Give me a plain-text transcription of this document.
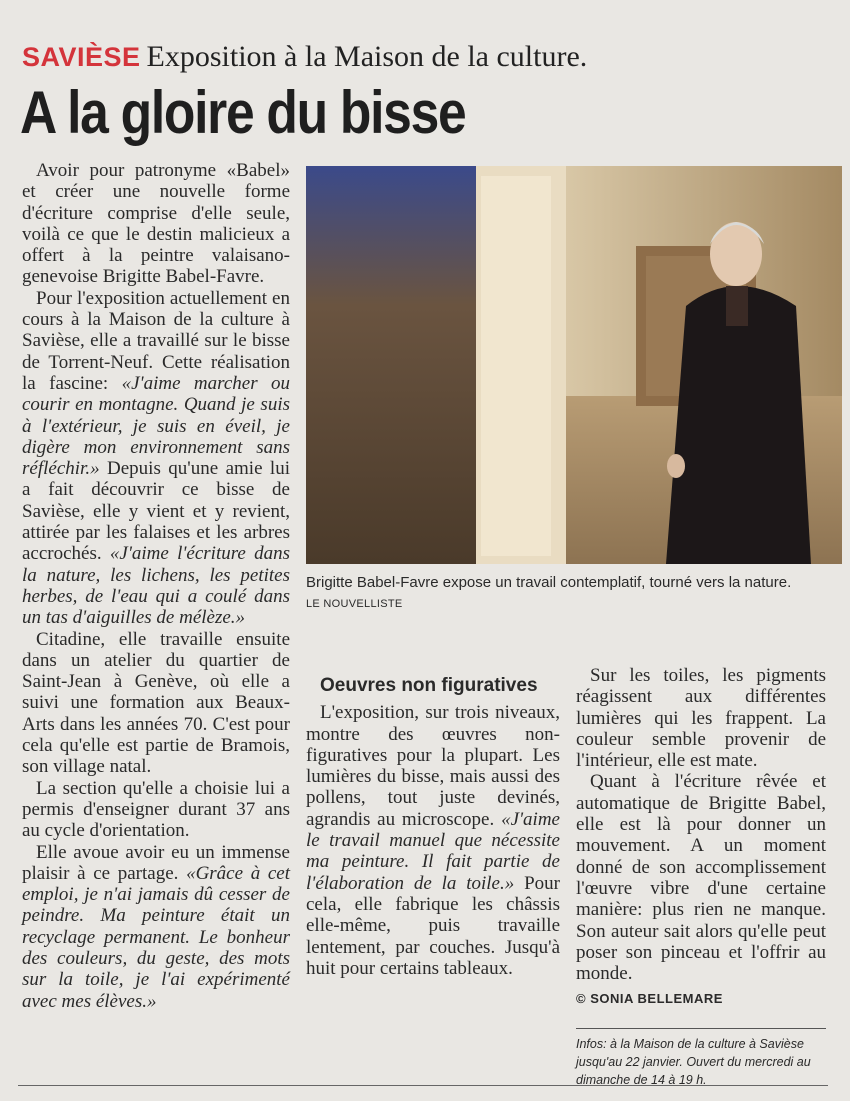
SAVIÈSE Exposition à la Maison de la culture.
A la gloire du bisse
Brigitte Babel-Favre expose un travail contemplatif, tourné vers la nature.
LE NOUVELLISTE

Avoir pour patronyme «Babel» et créer une nouvelle forme d'écriture comprise d'elle seule, voilà ce que le destin malicieux a offert à la peintre valaisano-genevoise Brigitte Babel-Favre.

Pour l'exposition actuellement en cours à la Maison de la culture à Savièse, elle a travaillé sur le bisse de Torrent-Neuf. Cette réalisation la fascine: «J'aime marcher ou courir en montagne. Quand je suis à l'extérieur, je suis en éveil, je digère mon environnement sans réfléchir.» Depuis qu'une amie lui a fait découvrir ce bisse de Savièse, elle y vient et y revient, attirée par les falaises et les arbres accrochés. «J'aime l'écriture dans la nature, les lichens, les petites herbes, de l'eau qui a coulé dans un tas d'aiguilles de mélèze.»

Citadine, elle travaille ensuite dans un atelier du quartier de Saint-Jean à Genève, où elle a suivi une formation aux Beaux-Arts dans les années 70. C'est pour cela qu'elle est partie de Bramois, son village natal.

La section qu'elle a choisie lui a permis d'enseigner durant 37 ans au cycle d'orientation.

Elle avoue avoir eu un immense plaisir à ce partage. «Grâce à cet emploi, je n'ai jamais dû cesser de peindre. Ma peinture était un recyclage permanent. Le bonheur des couleurs, du geste, des mots sur la toile, je l'ai expérimenté avec mes élèves.»

Oeuvres non figuratives

L'exposition, sur trois niveaux, montre des œuvres non-figuratives pour la plupart. Les lumières du bisse, mais aussi des pollens, tout juste devinés, agrandis au microscope. «J'aime le travail manuel que nécessite ma peinture. Il fait partie de l'élaboration de la toile.» Pour cela, elle fabrique les châssis elle-même, puis travaille lentement, par couches. Jusqu'à huit pour certains tableaux.

Sur les toiles, les pigments réagissent aux différentes lumières qui les frappent. La couleur semble provenir de l'intérieur, elle est mate.

Quant à l'écriture rêvée et automatique de Brigitte Babel, elle est là pour donner un mouvement. A un moment donné de son accomplissement l'œuvre vibre d'une certaine manière: plus rien ne manque. Son auteur sait alors qu'elle peut poser son pinceau et l'offrir au monde.

© SONIA BELLEMARE
Infos: à la Maison de la culture à Savièse jusqu'au 22 janvier. Ouvert du mercredi au dimanche de 14 à 19 h.
